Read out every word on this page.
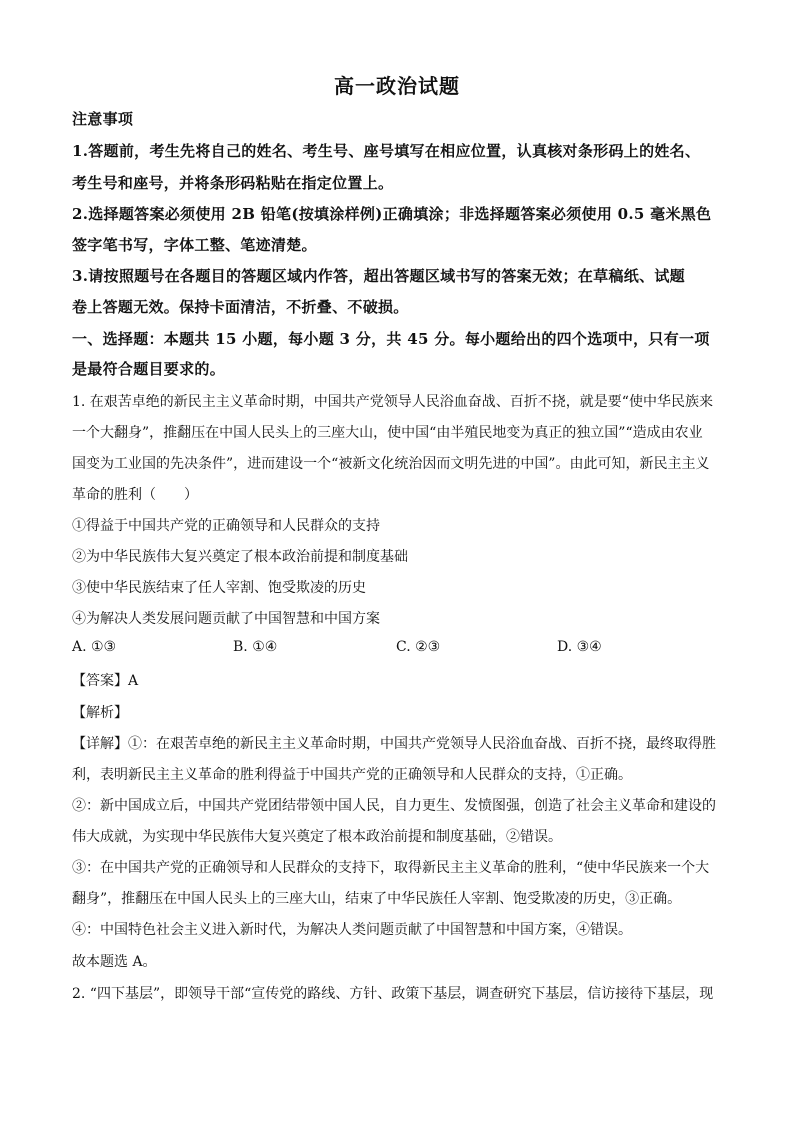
高一政治试题
注意事项
1.答题前，考生先将自己的姓名、考生号、座号填写在相应位置，认真核对条形码上的姓名、
考生号和座号，并将条形码粘贴在指定位置上。
2.选择题答案必须使用 2B 铅笔(按填涂样例)正确填涂；非选择题答案必须使用 0.5 毫米黑色
签字笔书写，字体工整、笔迹清楚。
3.请按照题号在各题目的答题区域内作答，超出答题区域书写的答案无效；在草稿纸、试题
卷上答题无效。保持卡面清洁，不折叠、不破损。
一、选择题：本题共 15 小题，每小题 3 分，共 45 分。每小题给出的四个选项中，只有一项
是最符合题目要求的。
1. 在艰苦卓绝的新民主主义革命时期，中国共产党领导人民浴血奋战、百折不挠，就是要“使中华民族来
一个大翻身”，推翻压在中国人民头上的三座大山，使中国“由半殖民地变为真正的独立国”“造成由农业
国变为工业国的先决条件”，进而建设一个“被新文化统治因而文明先进的中国”。由此可知，新民主主义
革命的胜利（　　）
①得益于中国共产党的正确领导和人民群众的支持
②为中华民族伟大复兴奠定了根本政治前提和制度基础
③使中华民族结束了任人宰割、饱受欺凌的历史
④为解决人类发展问题贡献了中国智慧和中国方案
A. ①③	B. ①④	C. ②③	D. ③④
【答案】A
【解析】
【详解】①：在艰苦卓绝的新民主主义革命时期，中国共产党领导人民浴血奋战、百折不挠，最终取得胜
利，表明新民主主义革命的胜利得益于中国共产党的正确领导和人民群众的支持，①正确。
②：新中国成立后，中国共产党团结带领中国人民，自力更生、发愤图强，创造了社会主义革命和建设的
伟大成就，为实现中华民族伟大复兴奠定了根本政治前提和制度基础，②错误。
③：在中国共产党的正确领导和人民群众的支持下，取得新民主主义革命的胜利，“使中华民族来一个大
翻身”，推翻压在中国人民头上的三座大山，结束了中华民族任人宰割、饱受欺凌的历史，③正确。
④：中国特色社会主义进入新时代，为解决人类问题贡献了中国智慧和中国方案，④错误。
故本题选 A。
2. “四下基层”，即领导干部“宣传党的路线、方针、政策下基层，调查研究下基层，信访接待下基层，现
